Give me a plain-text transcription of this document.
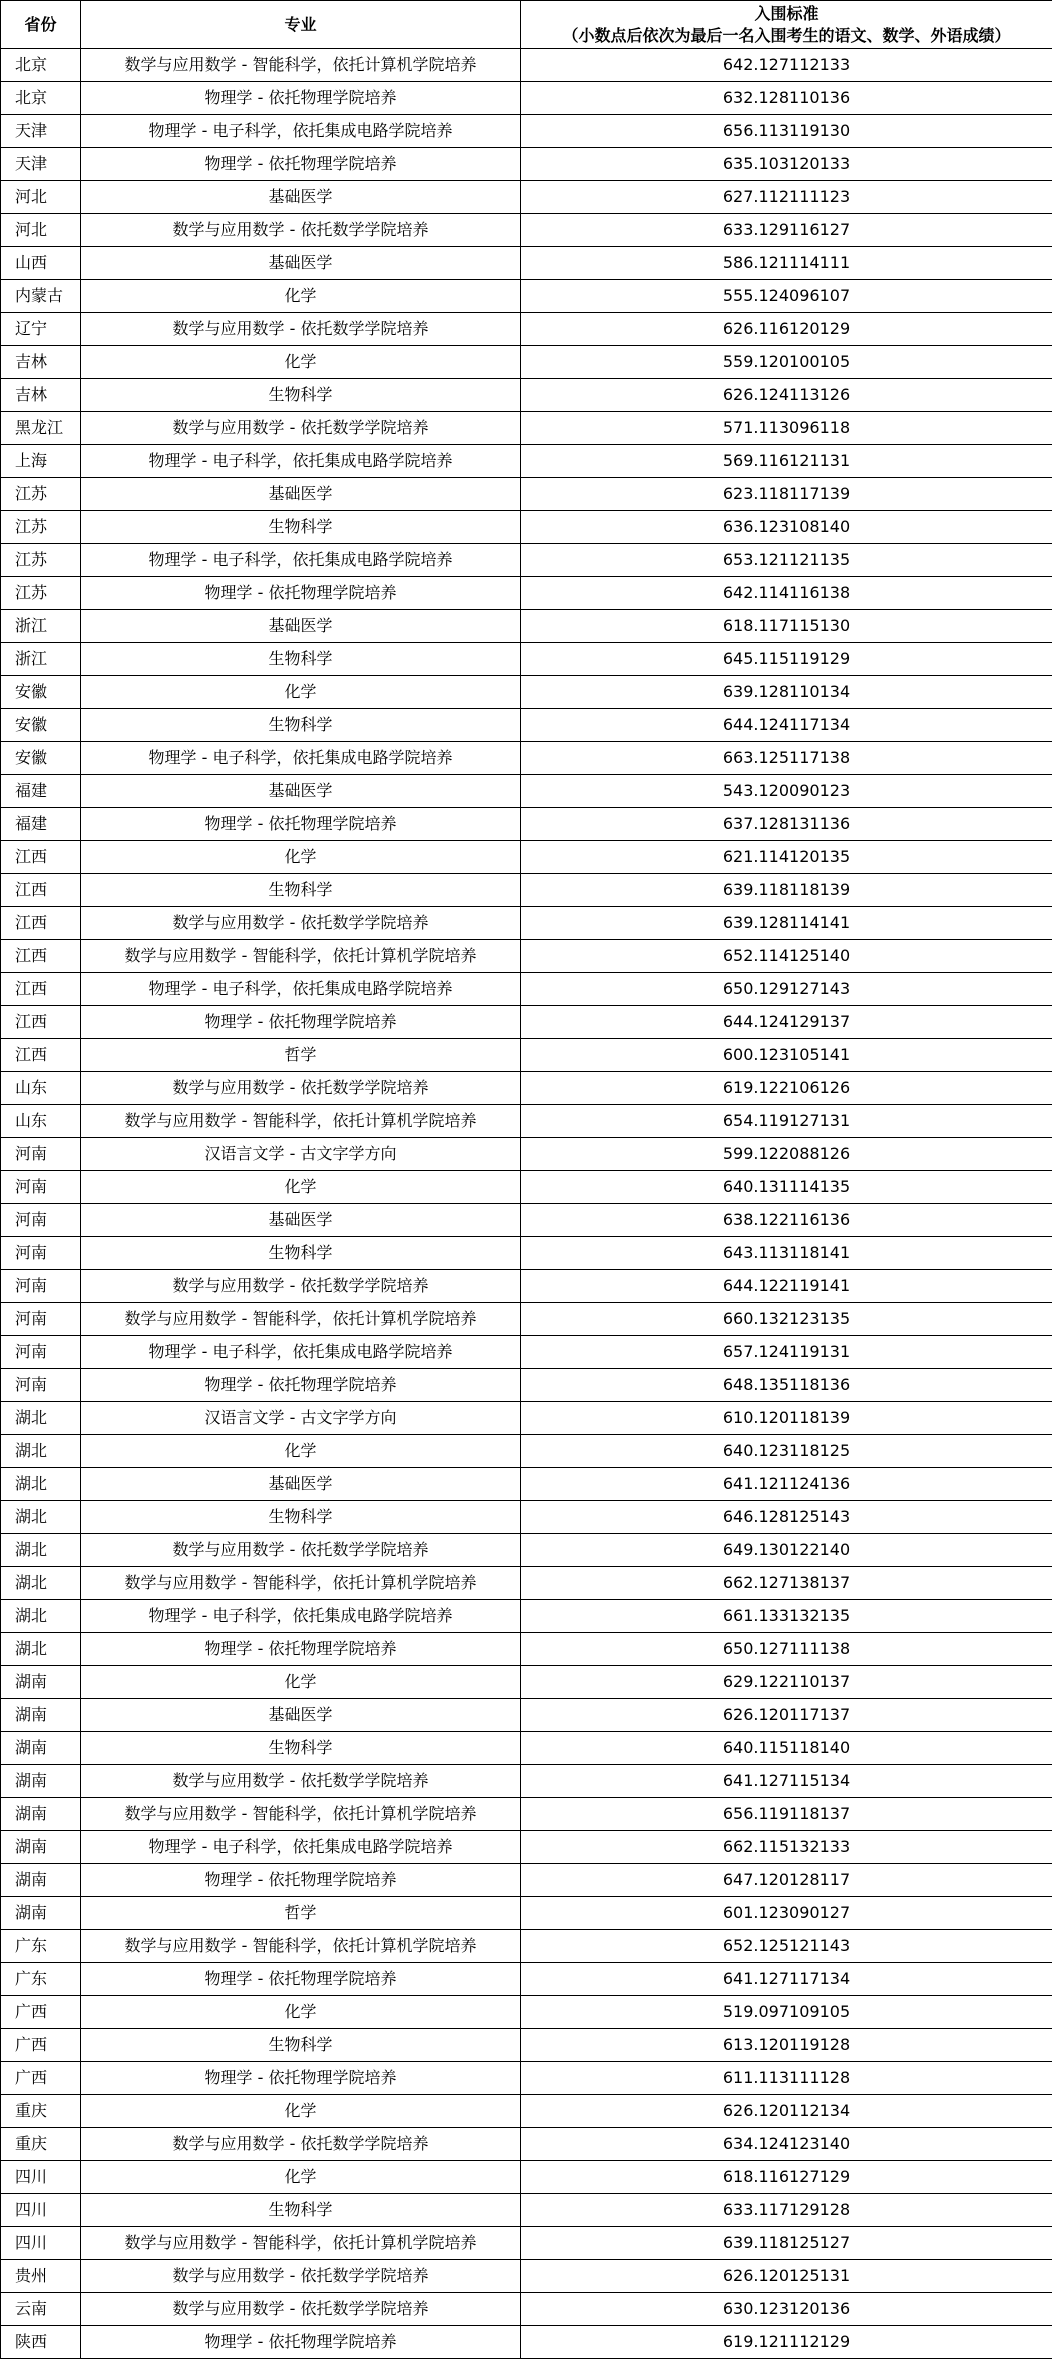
省份	专业	入围标准
（小数点后依次为最后一名入围考生的语文、数学、外语成绩）

北京	数学与应用数学 - 智能科学，依托计算机学院培养	642.127112133
北京	物理学 - 依托物理学院培养	632.128110136
天津	物理学 - 电子科学，依托集成电路学院培养	656.113119130
天津	物理学 - 依托物理学院培养	635.103120133
河北	基础医学	627.112111123
河北	数学与应用数学 - 依托数学学院培养	633.129116127
山西	基础医学	586.121114111
内蒙古	化学	555.124096107
辽宁	数学与应用数学 - 依托数学学院培养	626.116120129
吉林	化学	559.120100105
吉林	生物科学	626.124113126
黑龙江	数学与应用数学 - 依托数学学院培养	571.113096118
上海	物理学 - 电子科学，依托集成电路学院培养	569.116121131
江苏	基础医学	623.118117139
江苏	生物科学	636.123108140
江苏	物理学 - 电子科学，依托集成电路学院培养	653.121121135
江苏	物理学 - 依托物理学院培养	642.114116138
浙江	基础医学	618.117115130
浙江	生物科学	645.115119129
安徽	化学	639.128110134
安徽	生物科学	644.124117134
安徽	物理学 - 电子科学，依托集成电路学院培养	663.125117138
福建	基础医学	543.120090123
福建	物理学 - 依托物理学院培养	637.128131136
江西	化学	621.114120135
江西	生物科学	639.118118139
江西	数学与应用数学 - 依托数学学院培养	639.128114141
江西	数学与应用数学 - 智能科学，依托计算机学院培养	652.114125140
江西	物理学 - 电子科学，依托集成电路学院培养	650.129127143
江西	物理学 - 依托物理学院培养	644.124129137
江西	哲学	600.123105141
山东	数学与应用数学 - 依托数学学院培养	619.122106126
山东	数学与应用数学 - 智能科学，依托计算机学院培养	654.119127131
河南	汉语言文学 - 古文字学方向	599.122088126
河南	化学	640.131114135
河南	基础医学	638.122116136
河南	生物科学	643.113118141
河南	数学与应用数学 - 依托数学学院培养	644.122119141
河南	数学与应用数学 - 智能科学，依托计算机学院培养	660.132123135
河南	物理学 - 电子科学，依托集成电路学院培养	657.124119131
河南	物理学 - 依托物理学院培养	648.135118136
湖北	汉语言文学 - 古文字学方向	610.120118139
湖北	化学	640.123118125
湖北	基础医学	641.121124136
湖北	生物科学	646.128125143
湖北	数学与应用数学 - 依托数学学院培养	649.130122140
湖北	数学与应用数学 - 智能科学，依托计算机学院培养	662.127138137
湖北	物理学 - 电子科学，依托集成电路学院培养	661.133132135
湖北	物理学 - 依托物理学院培养	650.127111138
湖南	化学	629.122110137
湖南	基础医学	626.120117137
湖南	生物科学	640.115118140
湖南	数学与应用数学 - 依托数学学院培养	641.127115134
湖南	数学与应用数学 - 智能科学，依托计算机学院培养	656.119118137
湖南	物理学 - 电子科学，依托集成电路学院培养	662.115132133
湖南	物理学 - 依托物理学院培养	647.120128117
湖南	哲学	601.123090127
广东	数学与应用数学 - 智能科学，依托计算机学院培养	652.125121143
广东	物理学 - 依托物理学院培养	641.127117134
广西	化学	519.097109105
广西	生物科学	613.120119128
广西	物理学 - 依托物理学院培养	611.113111128
重庆	化学	626.120112134
重庆	数学与应用数学 - 依托数学学院培养	634.124123140
四川	化学	618.116127129
四川	生物科学	633.117129128
四川	数学与应用数学 - 智能科学，依托计算机学院培养	639.118125127
贵州	数学与应用数学 - 依托数学学院培养	626.120125131
云南	数学与应用数学 - 依托数学学院培养	630.123120136
陕西	物理学 - 依托物理学院培养	619.121112129
